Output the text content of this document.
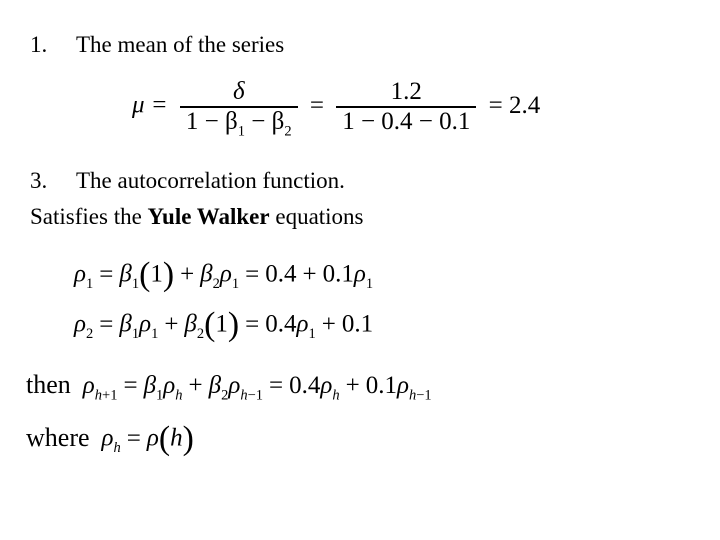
1. The mean of the series
$\mu = \frac{\delta}{1 - \beta_1 - \beta_2} = \frac{1.2}{1 - 0.4 - 0.1} = 2.4$
3. The autocorrelation function.
Satisfies the Yule Walker equations
$\rho_1 = \beta_1(1) + \beta_2\rho_1 = 0.4 + 0.1\rho_1$
$\rho_2 = \beta_1\rho_1 + \beta_2(1) = 0.4\rho_1 + 0.1$
then $\rho_{h+1} = \beta_1\rho_h + \beta_2\rho_{h-1} = 0.4\rho_h + 0.1\rho_{h-1}$
where $\rho_h = \rho(h)$
